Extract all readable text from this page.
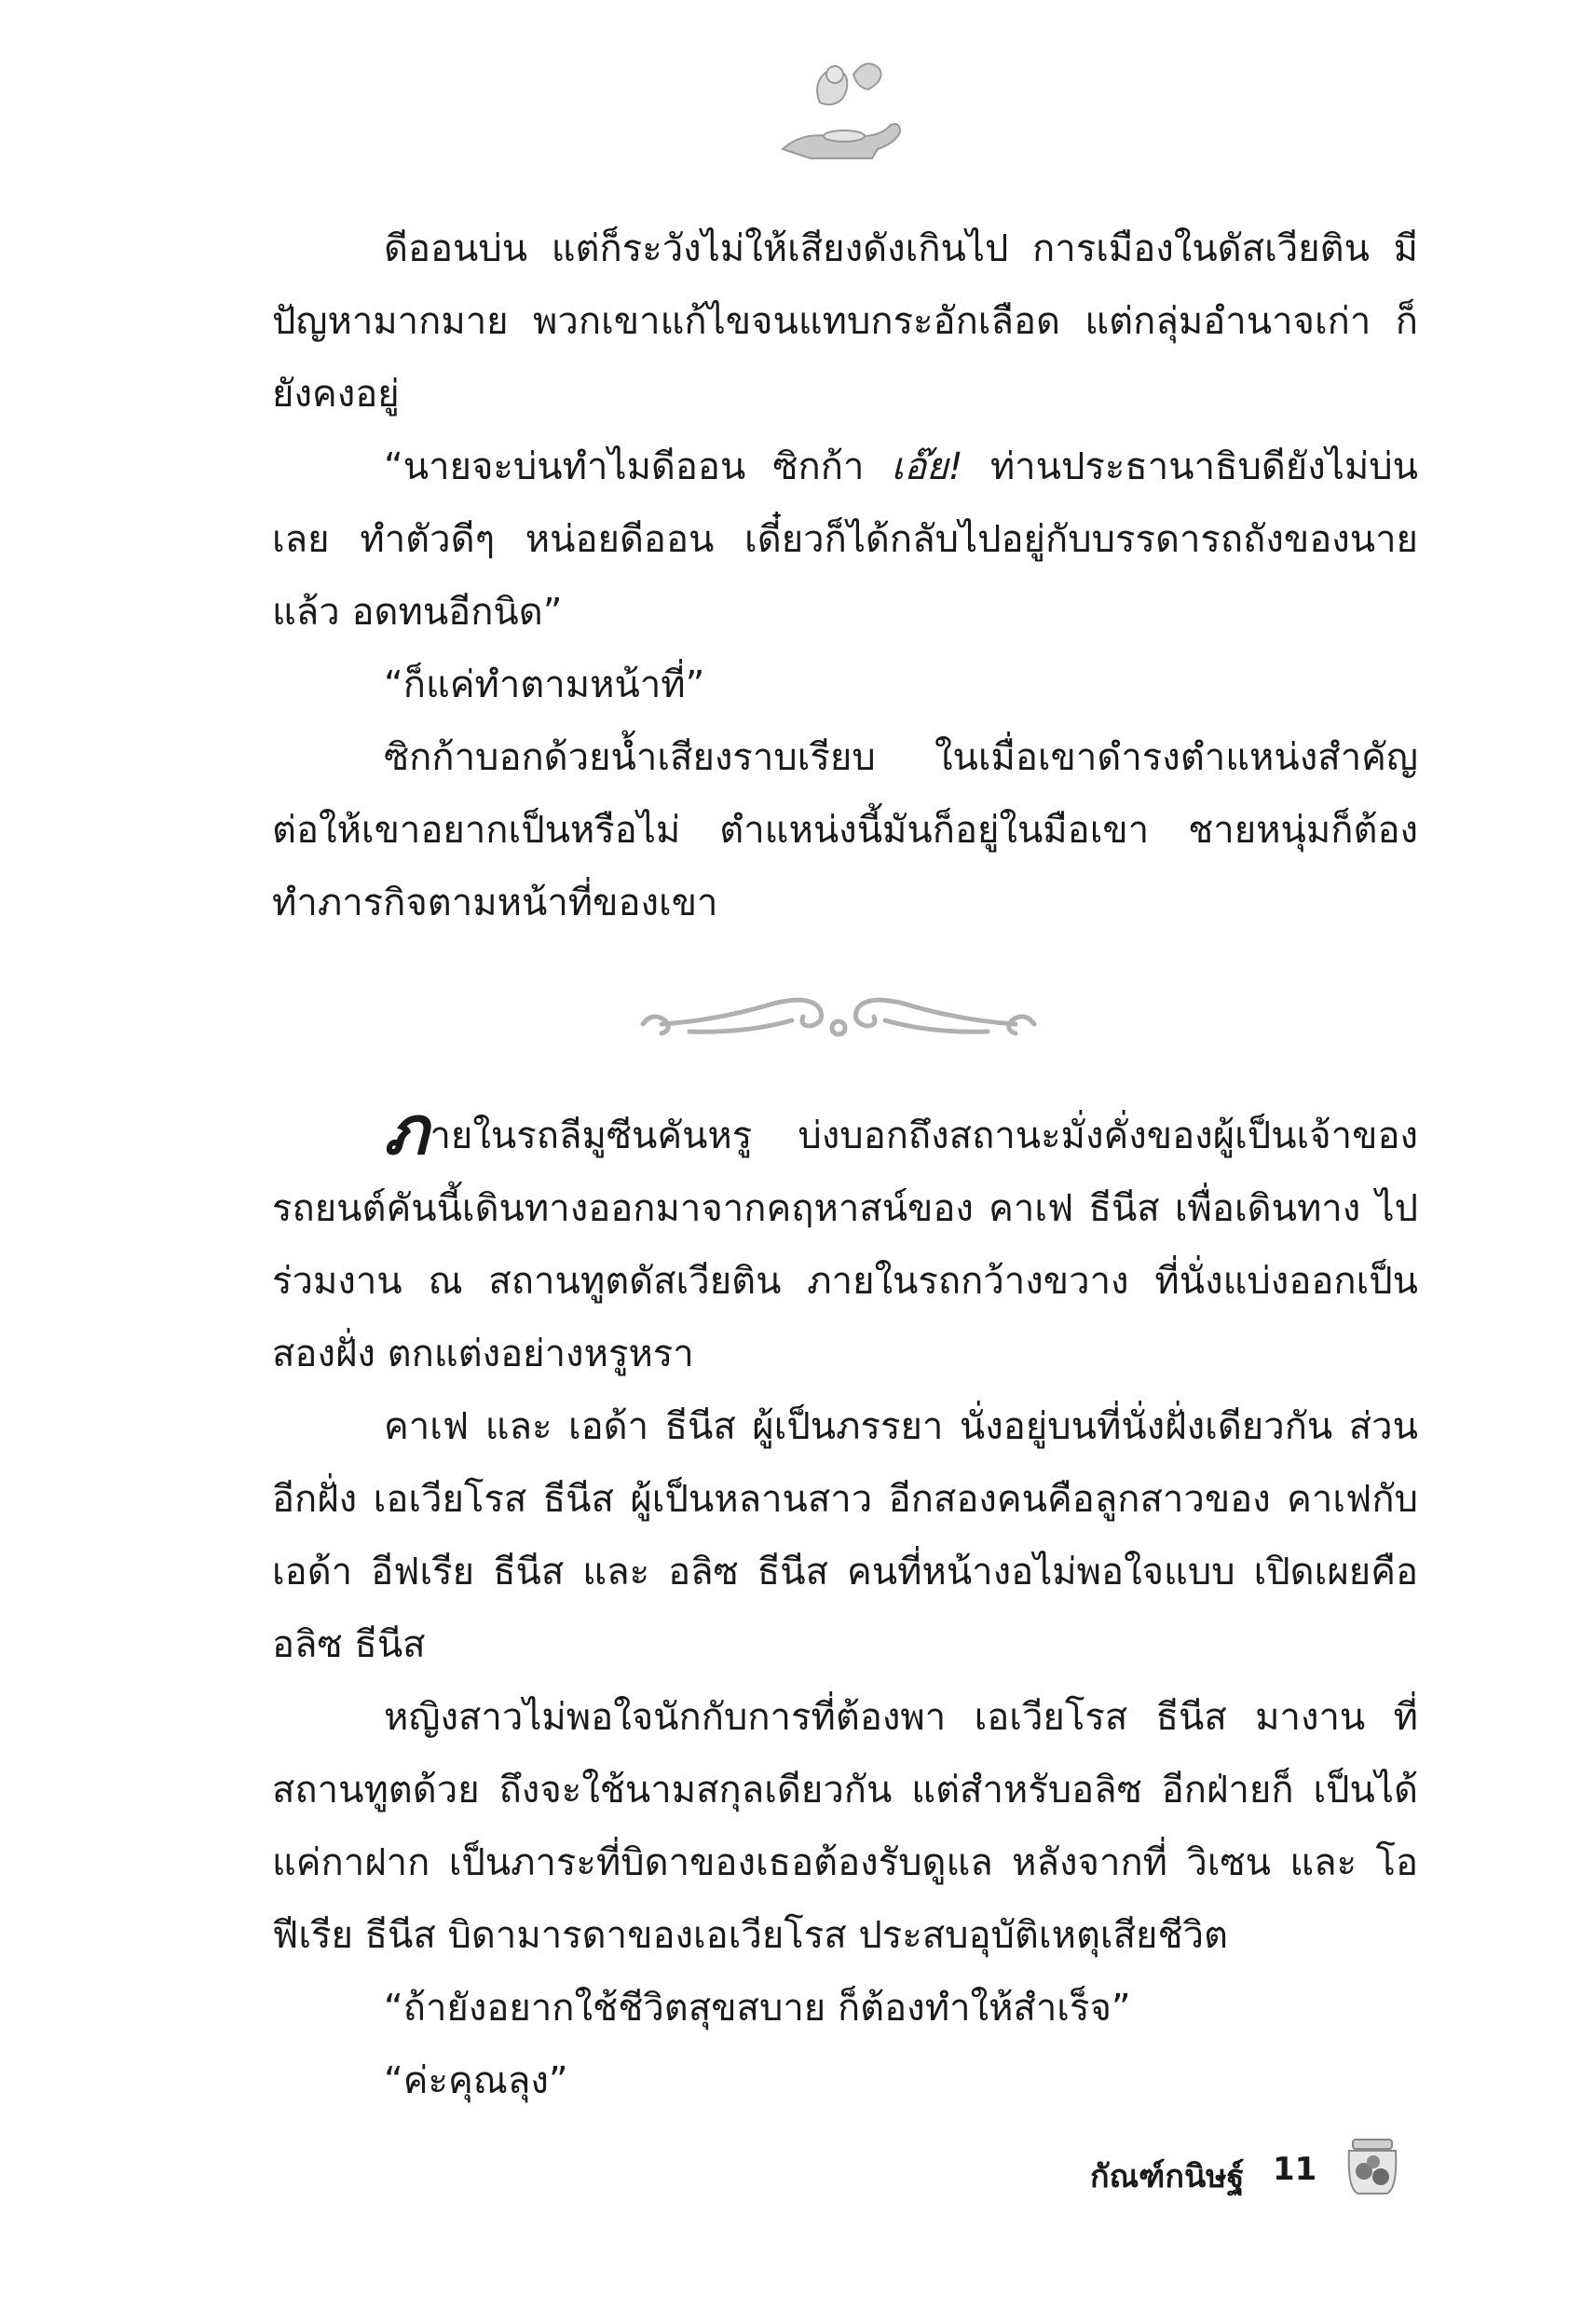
ดีออนบ่น แต่ก็ระวังไม่ให้เสียงดังเกินไป การเมืองในดัสเวียติน มีปัญหามากมาย พวกเขาแก้ไขจนแทบกระอักเลือด แต่กลุ่มอำนาจเก่า ก็ยังคงอยู่

“นายจะบ่นทำไมดีออน ซิกก้า เอ๊ย! ท่านประธานาธิบดียังไม่บ่น เลย ทำตัวดีๆ หน่อยดีออน เดี๋ยวก็ได้กลับไปอยู่กับบรรดารถถังของนาย แล้ว อดทนอีกนิด”

“ก็แค่ทำตามหน้าที่”

ซิกก้าบอกด้วยน้ำเสียงราบเรียบ ในเมื่อเขาดำรงตำแหน่งสำคัญ ต่อให้เขาอยากเป็นหรือไม่ ตำแหน่งนี้มันก็อยู่ในมือเขา ชายหนุ่มก็ต้อง ทำภารกิจตามหน้าที่ของเขา

ภายในรถลีมูซีนคันหรู บ่งบอกถึงสถานะมั่งคั่งของผู้เป็นเจ้าของ รถยนต์คันนี้เดินทางออกมาจากคฤหาสน์ของ คาเฟ ธีนีส เพื่อเดินทาง ไปร่วมงาน ณ สถานทูตดัสเวียติน ภายในรถกว้างขวาง ที่นั่งแบ่งออกเป็น สองฝั่ง ตกแต่งอย่างหรูหรา

คาเฟ และ เอด้า ธีนีส ผู้เป็นภรรยา นั่งอยู่บนที่นั่งฝั่งเดียวกัน ส่วนอีกฝั่ง เอเวียโรส ธีนีส ผู้เป็นหลานสาว อีกสองคนคือลูกสาวของ คาเฟกับเอด้า อีฟเรีย ธีนีส และ อลิซ ธีนีส คนที่หน้างอไม่พอใจแบบ เปิดเผยคือ อลิซ ธีนีส

หญิงสาวไม่พอใจนักกับการที่ต้องพา เอเวียโรส ธีนีส มางาน ที่สถานทูตด้วย ถึงจะใช้นามสกุลเดียวกัน แต่สำหรับอลิซ อีกฝ่ายก็ เป็นได้แค่กาฝาก เป็นภาระที่บิดาของเธอต้องรับดูแล หลังจากที่ วิเซน และ โอฟีเรีย ธีนีส บิดามารดาของเอเวียโรส ประสบอุบัติเหตุเสียชีวิต

“ถ้ายังอยากใช้ชีวิตสุขสบาย ก็ต้องทำให้สำเร็จ”

“ค่ะคุณลุง”

กัณฑ์กนิษฐ์ 11
